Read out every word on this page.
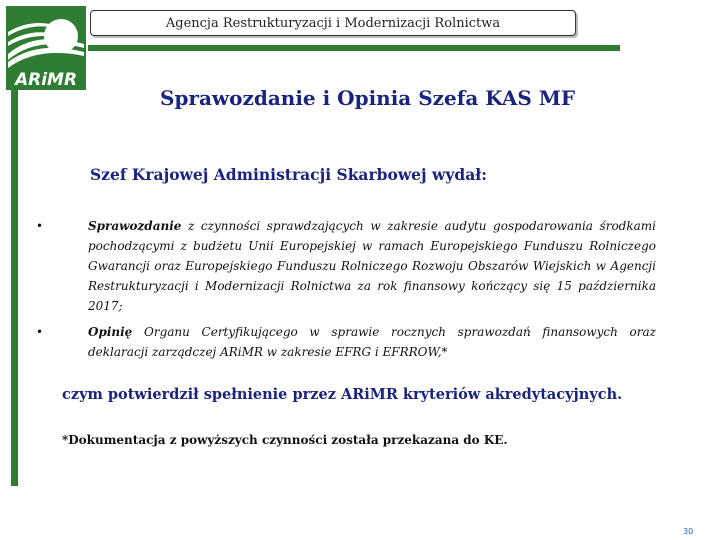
ARiMR
Agencja Restrukturyzacji i Modernizacji Rolnictwa
Sprawozdanie i Opinia Szefa KAS MF
Szef Krajowej Administracji Skarbowej wydał:
•	Sprawozdanie z czynności sprawdzających w zakresie audytu gospodarowania środkami pochodzącymi z budżetu Unii Europejskiej w ramach Europejskiego Funduszu Rolniczego Gwarancji oraz Europejskiego Funduszu Rolniczego Rozwoju Obszarów Wiejskich w Agencji Restrukturyzacji i Modernizacji Rolnictwa za rok finansowy kończący się 15 października 2017;
•	Opinię Organu Certyfikującego w sprawie rocznych sprawozdań finansowych oraz deklaracji zarządczej ARiMR w zakresie EFRG i EFRROW,*
czym potwierdził spełnienie przez ARiMR kryteriów akredytacyjnych.
*Dokumentacja z powyższych czynności została przekazana do KE.
30
